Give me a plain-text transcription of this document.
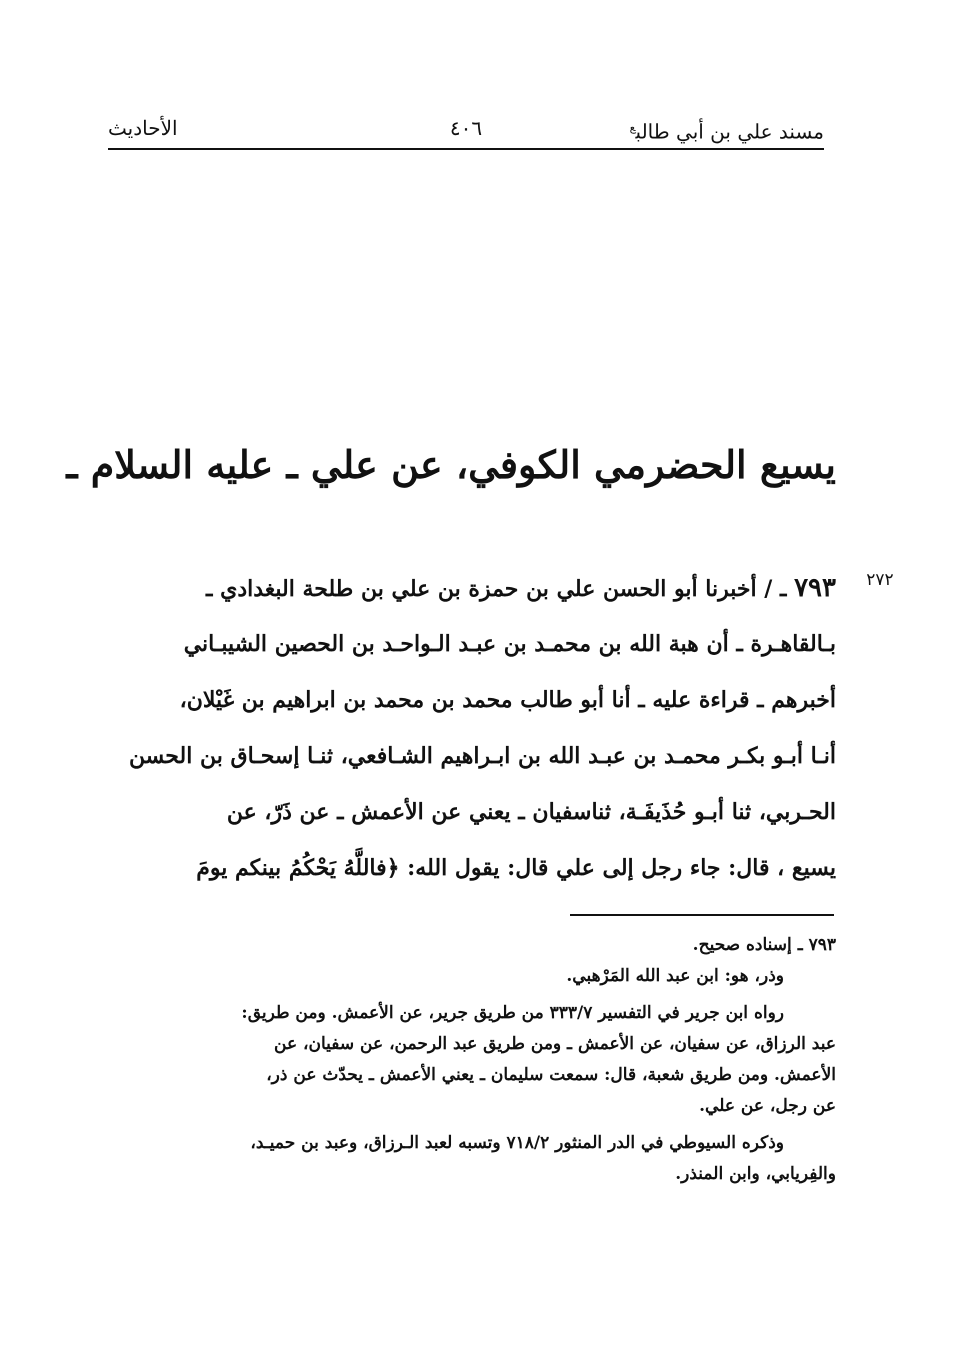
مسند علي بن أبي طالب$^ع$
٤٠٦
الأحاديث
يسيع الحضرمي الكوفي، عن علي ـ عليه السلام ـ
٢٧٢
٧٩٣ ـ / أخبرنا أبو الحسن علي بن حمزة بن علي بن طلحة البغدادي ـ
بـالقاهـرة ـ أن هبة الله بن محمـد بن عبـد الـواحـد بن الحصين الشيبـاني
أخبرهم ـ قراءة عليه ـ أنا أبو طالب محمد بن محمد بن ابراهيم بن غَيْلان،
أنـا أبـو بكـر محمـد بن عبـد الله بن ابـراهيم الشـافعي، ثنـا إسحـاق بن الحسن
الحـربي، ثنا أبـو حُذَيفَـة، ثناسفيان ـ يعني عن الأعمش ـ عن ذَرّ، عن
يسيع ، قال: جاء رجل إلى علي قال: يقول الله: ﴿فاللَّهُ يَحْكُمُ بينكم يومَ
٧٩٣ ـ إسناده صحيح.
وذر، هو: ابن عبد الله المَرْهبي.
رواه ابن جرير في التفسير ٣٣٣/٧ من طريق جرير، عن الأعمش. ومن طريق:
عبد الرزاق، عن سفيان، عن الأعمش ـ ومن طريق عبد الرحمن، عن سفيان، عن
الأعمش. ومن طريق شعبة، قال: سمعت سليمان ـ يعني الأعمش ـ يحدّث عن ذر،
عن رجل، عن علي.
وذكره السيوطي في الدر المنثور ٧١٨/٢ وتسبه لعبد الـرزاق، وعبد بن حميـد،
والفِريابي، وابن المنذر.
